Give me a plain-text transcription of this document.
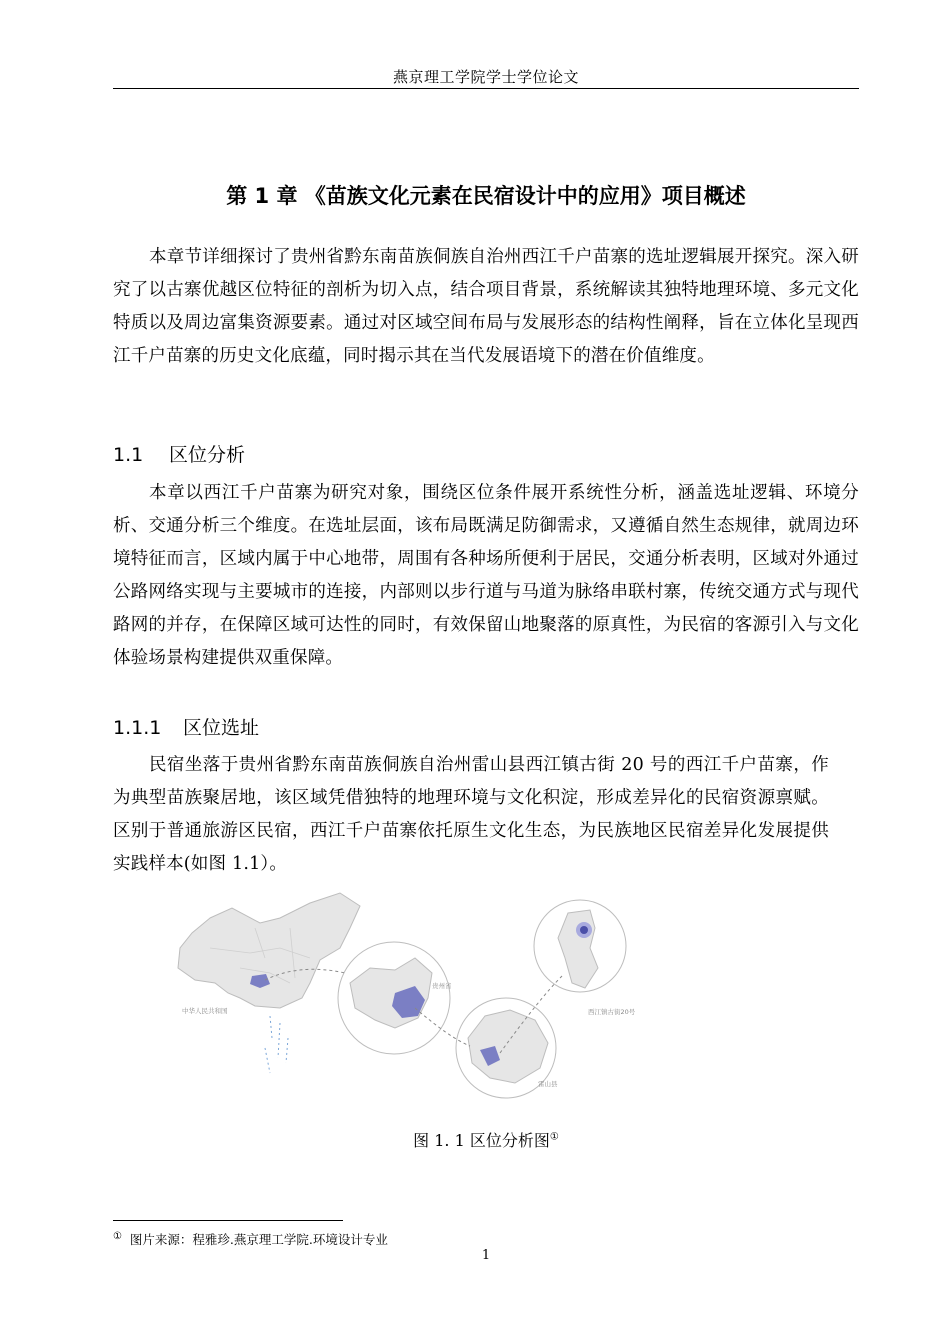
燕京理工学院学士学位论文
第 1 章 《苗族文化元素在民宿设计中的应用》项目概述

本章节详细探讨了贵州省黔东南苗族侗族自治州西江千户苗寨的选址逻辑展开探究。深入研究了以古寨优越区位特征的剖析为切入点，结合项目背景，系统解读其独特地理环境、多元文化特质以及周边富集资源要素。通过对区域空间布局与发展形态的结构性阐释，旨在立体化呈现西江千户苗寨的历史文化底蕴，同时揭示其在当代发展语境下的潜在价值维度。

1.1 区位分析

本章以西江千户苗寨为研究对象，围绕区位条件展开系统性分析，涵盖选址逻辑、环境分析、交通分析三个维度。在选址层面，该布局既满足防御需求，又遵循自然生态规律，就周边环境特征而言，区域内属于中心地带，周围有各种场所便利于居民，交通分析表明，区域对外通过公路网络实现与主要城市的连接，内部则以步行道与马道为脉络串联村寨，传统交通方式与现代路网的并存，在保障区域可达性的同时，有效保留山地聚落的原真性，为民宿的客源引入与文化体验场景构建提供双重保障。

1.1.1 区位选址

民宿坐落于贵州省黔东南苗族侗族自治州雷山县西江镇古街 20 号的西江千户苗寨，作为典型苗族聚居地，该区域凭借独特的地理环境与文化积淀，形成差异化的民宿资源禀赋。区别于普通旅游区民宿，西江千户苗寨依托原生文化生态，为民族地区民宿差异化发展提供实践样本(如图 1.1）。

中华人民共和国
贵州省
雷山县
西江镇古街20号
图 1. 1 区位分析图①
① 图片来源：程雅珍.燕京理工学院.环境设计专业
1
